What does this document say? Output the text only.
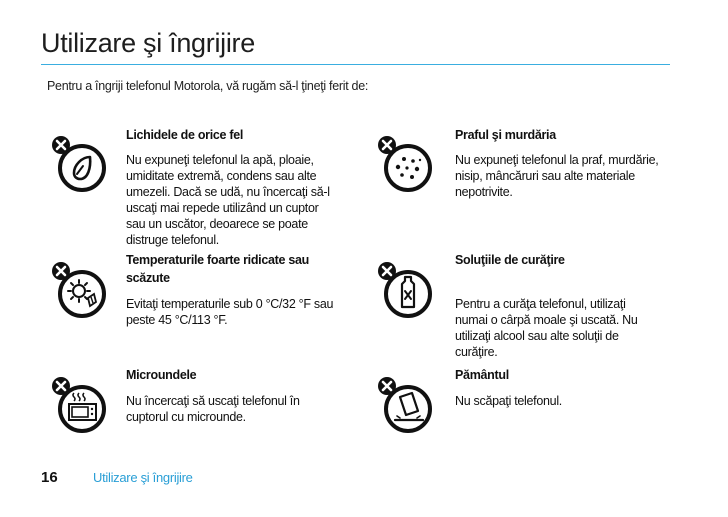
Utilizare şi îngrijire

Pentru a îngriji telefonul Motorola, vă rugăm să-l ţineţi ferit de:

Lichidele de orice fel

Nu expuneţi telefonul la apă, ploaie, umiditate extremă, condens sau alte umezeli. Dacă se udă, nu încercaţi să-l uscaţi mai repede utilizând un cuptor sau un uscător, deoarece se poate distruge telefonul.

Praful şi murdăria

Nu expuneţi telefonul la praf, murdărie, nisip, mâncăruri sau alte materiale nepotrivite.

Temperaturile foarte ridicate sau scăzute

Evitaţi temperaturile sub 0 °C/32 °F sau peste 45 °C/113 °F.

Soluţiile de curăţire

Pentru a curăţa telefonul, utilizaţi numai o cârpă moale şi uscată. Nu utilizaţi alcool sau alte soluţii de curăţire.

Microundele

Nu încercaţi să uscaţi telefonul în cuptorul cu microunde.

Pământul

Nu scăpaţi telefonul.

16	Utilizare şi îngrijire
